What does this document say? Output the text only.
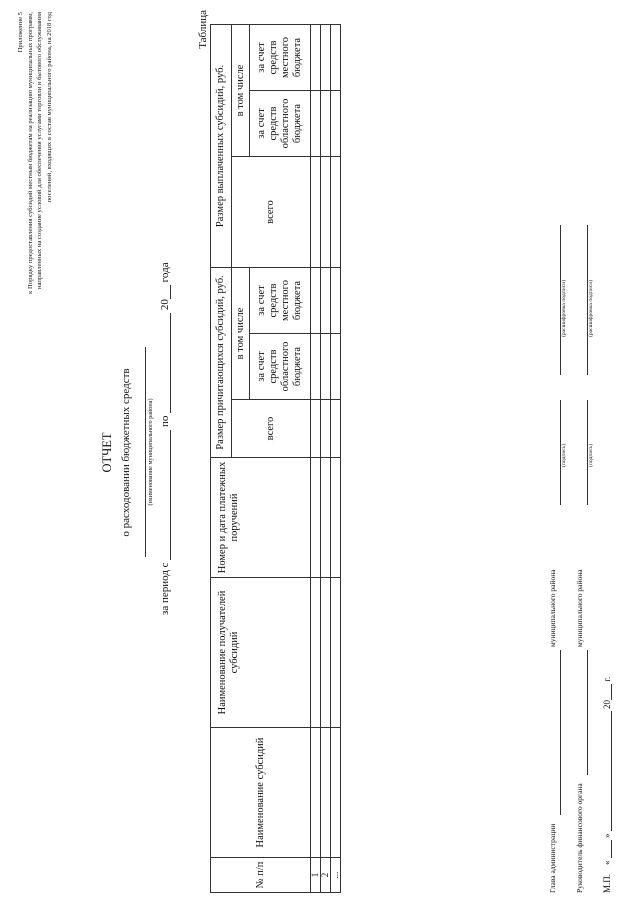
Приложение 5 к Порядку предоставления субсидий местным бюджетам на реализацию муниципальных программ, направленных на создание условий для обеспечения услугами торговли и бытового обслуживания поселений, входящих в состав муниципального района, на 2018 год	Таблица
ОТЧЕТ о расходовании бюджетных средств	(наименование муниципального района)
за период с  по  20 года
№ п/п	Наименование субсидий	Наименование получателей субсидий	Номер и дата платежных поручений	Размер причитающихся субсидий, руб.			Размер выплаченных субсидий, руб.		
				всего	в том числе		всего	в том числе	
					за счет средств областного бюджета	за счет средств местного бюджета		за счет средств областного бюджета	за счет средств местного бюджета
1									
2									
...										Глава администрации
муниципального района
(подпись)
(расшифровка подписи)
Руководитель финансового органа
муниципального района
(подпись)
(расшифровка подписи)
М.П.    «  »  20 г.
